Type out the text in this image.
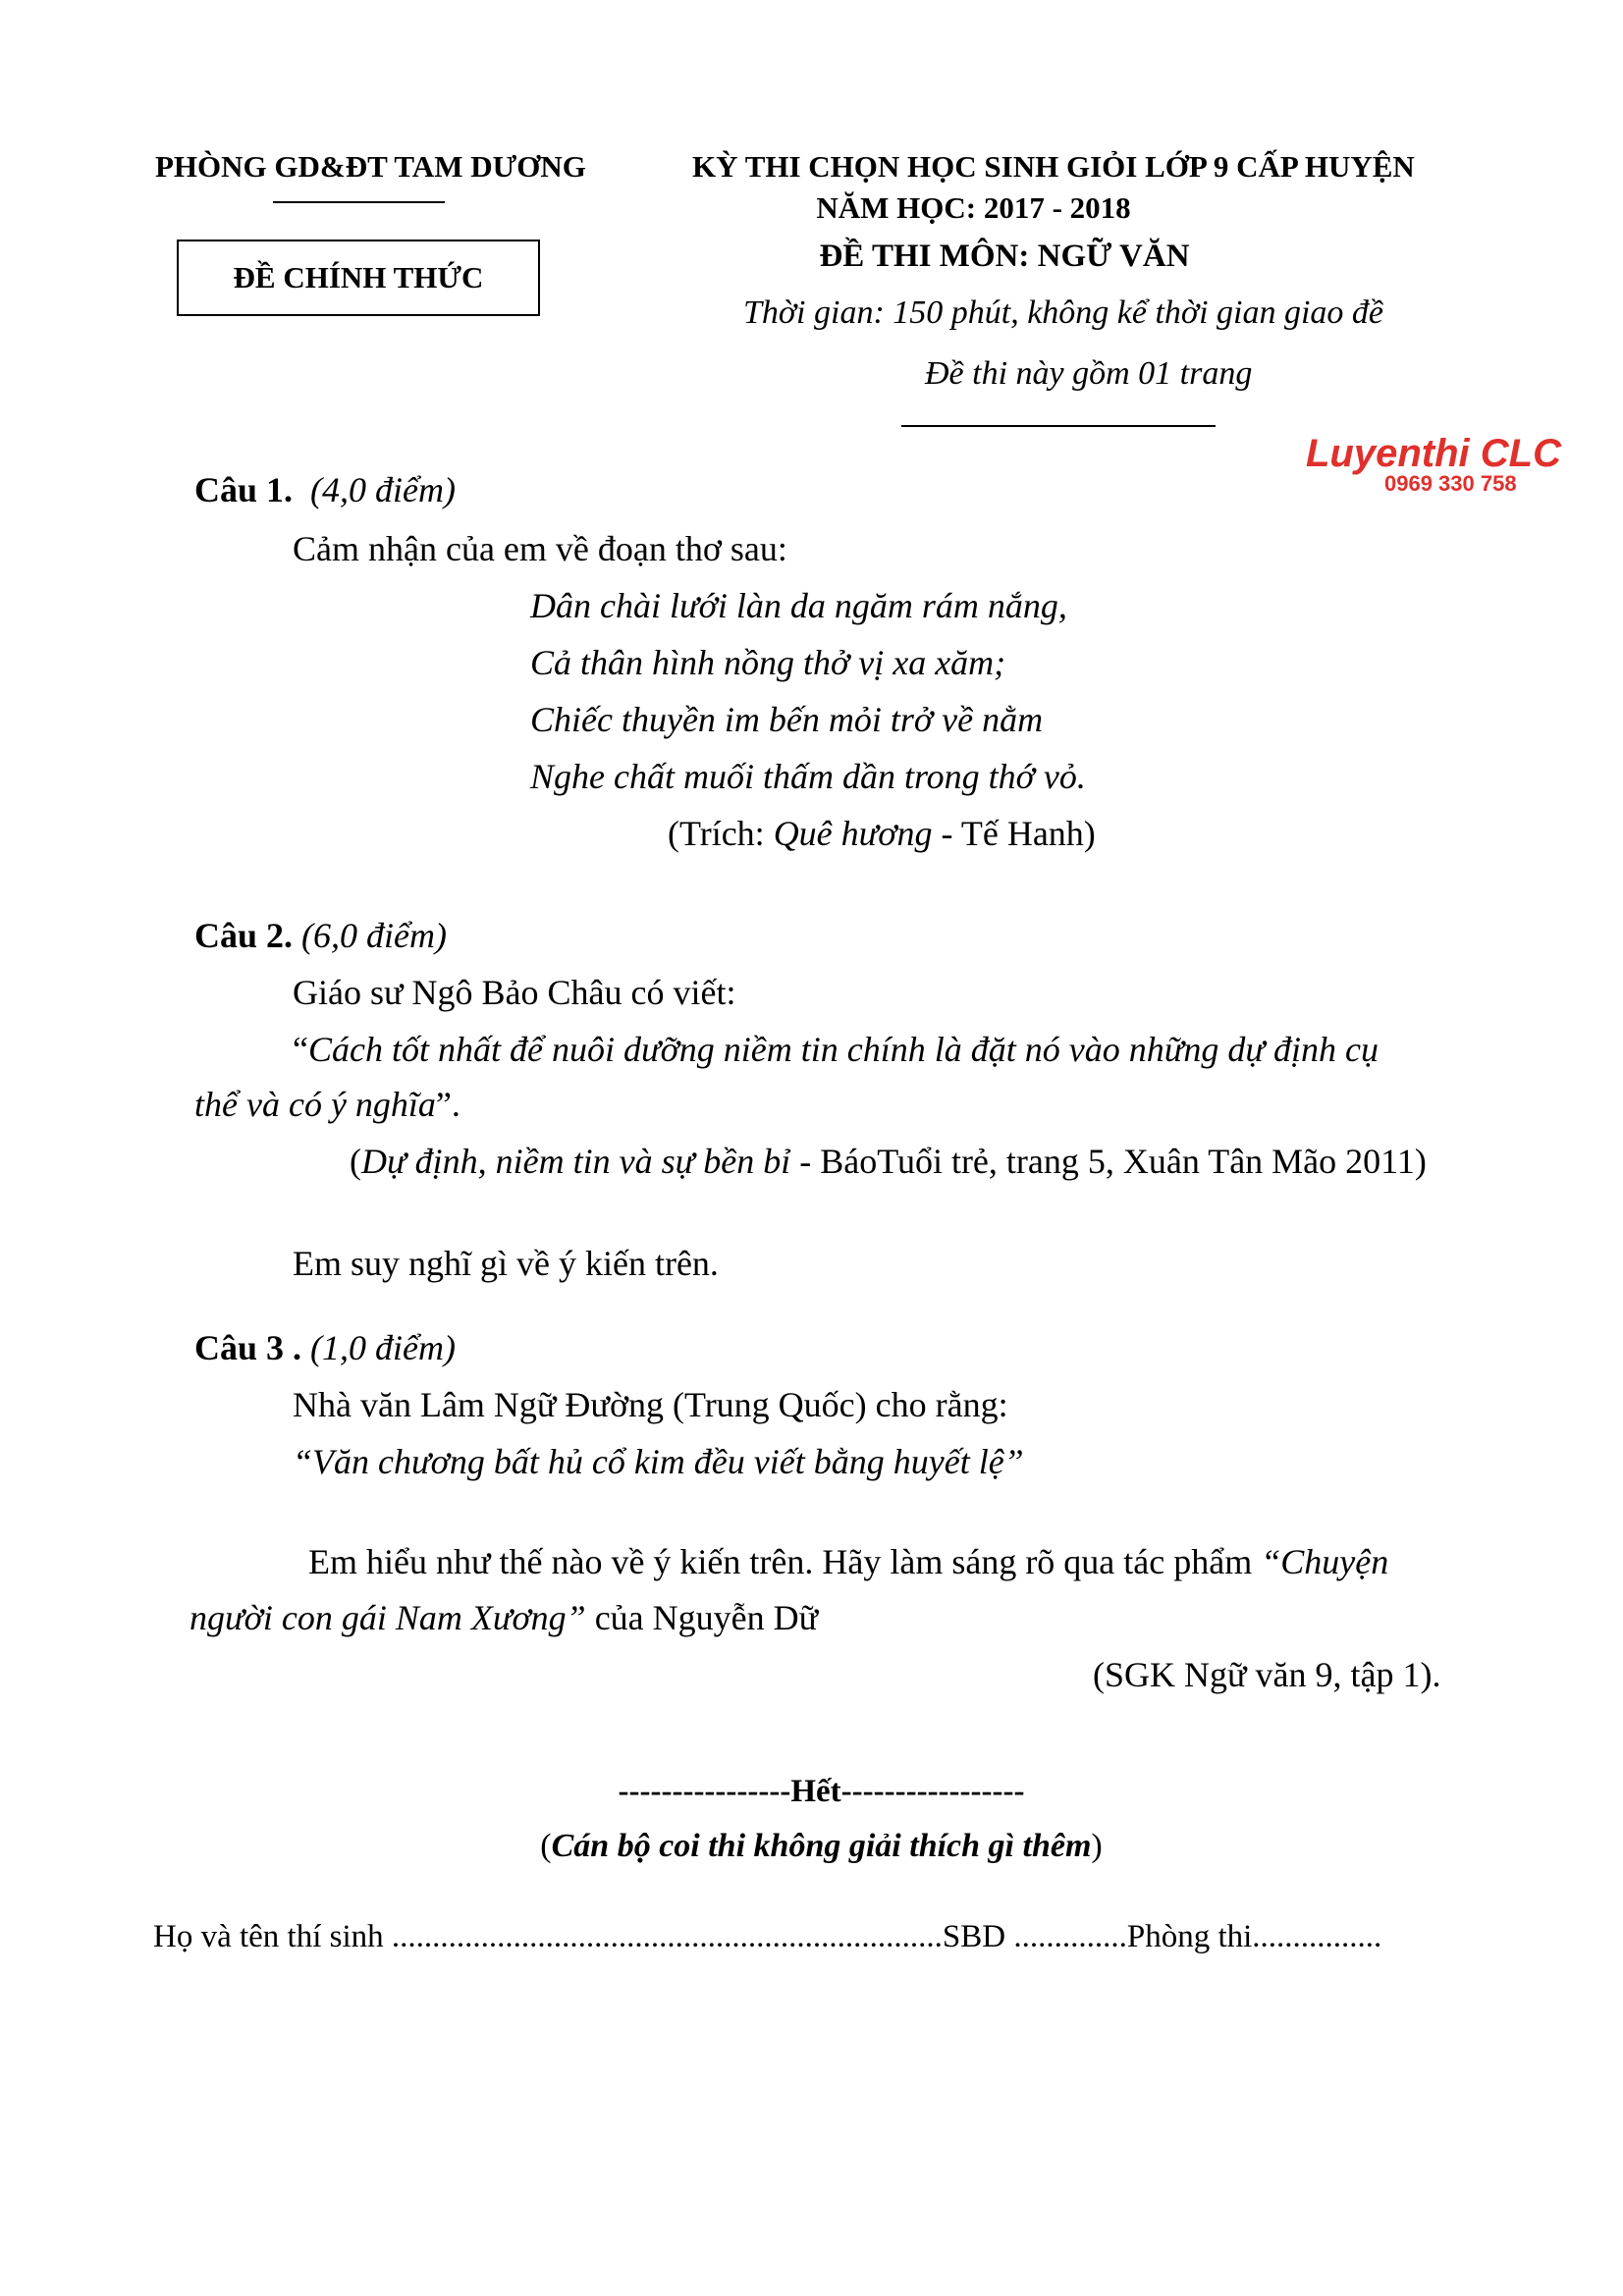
PHÒNG GD&ĐT TAM DƯƠNG
ĐỀ CHÍNH THỨC
KỲ THI CHỌN HỌC SINH GIỎI LỚP 9 CẤP HUYỆN
NĂM HỌC: 2017 - 2018
ĐỀ THI MÔN: NGỮ VĂN
Thời gian: 150 phút, không kể thời gian giao đề
Đề thi này gồm 01 trang
Luyenthi CLC
0969 330 758
Câu 1. (4,0 điểm)
Cảm nhận của em về đoạn thơ sau:
Dân chài lưới làn da ngăm rám nắng,
Cả thân hình nồng thở vị xa xăm;
Chiếc thuyền im bến mỏi trở về nằm
Nghe chất muối thấm dần trong thớ vỏ.
(Trích: Quê hương - Tế Hanh)
Câu 2. (6,0 điểm)
Giáo sư Ngô Bảo Châu có viết:
“Cách tốt nhất để nuôi dưỡng niềm tin chính là đặt nó vào những dự định cụ
thể và có ý nghĩa”.
(Dự định, niềm tin và sự bền bỉ - BáoTuổi trẻ, trang 5, Xuân Tân Mão 2011)
Em suy nghĩ gì về ý kiến trên.
Câu 3 . (1,0 điểm)
Nhà văn Lâm Ngữ Đường (Trung Quốc) cho rằng:
“Văn chương bất hủ cổ kim đều viết bằng huyết lệ”
Em hiểu như thế nào về ý kiến trên. Hãy làm sáng rõ qua tác phẩm “Chuyện
người con gái Nam Xương” của Nguyễn Dữ
(SGK Ngữ văn 9, tập 1).
----------------Hết-----------------
(Cán bộ coi thi không giải thích gì thêm)
Họ và tên thí sinh ....................................................................SBD ..............Phòng thi................
